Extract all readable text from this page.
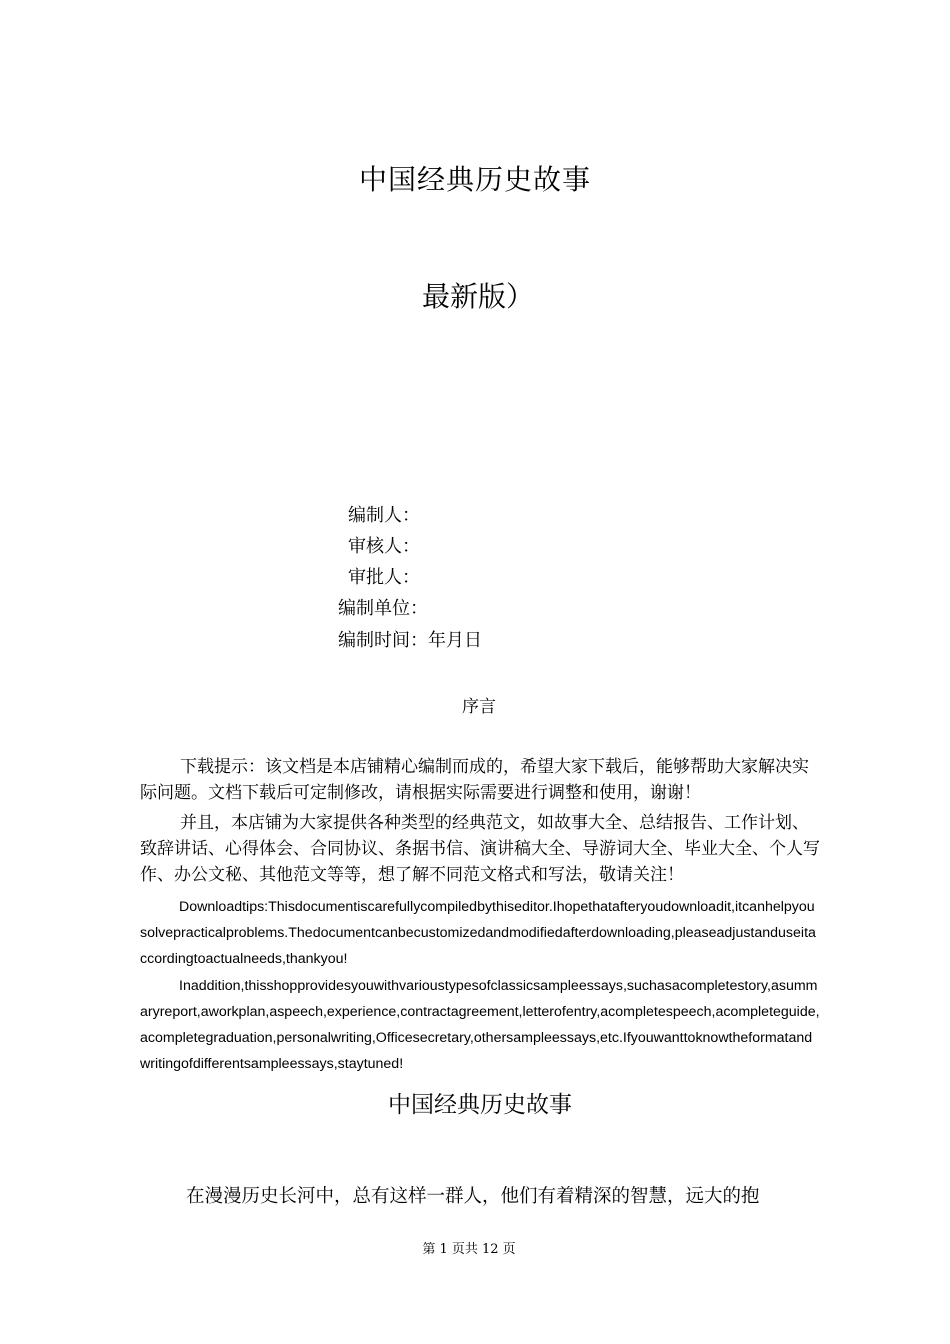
中国经典历史故事
最新版）
编制人：
审核人：
审批人：
编制单位：
编制时间：年月日
序言
下载提示：该文档是本店铺精心编制而成的，希望大家下载后，能够帮助大家解决实际问题。文档下载后可定制修改，请根据实际需要进行调整和使用，谢谢！
并且，本店铺为大家提供各种类型的经典范文，如故事大全、总结报告、工作计划、致辞讲话、心得体会、合同协议、条据书信、演讲稿大全、导游词大全、毕业大全、个人写作、办公文秘、其他范文等等，想了解不同范文格式和写法，敬请关注！
Downloadtips:Thisdocumentiscarefullycompiledbythiseditor.Ihopethatafteryoudownloadit,itcanhelpyousolvepracticalproblems.Thedocumentcanbecustomizedandmodifiedafterdownloading,pleaseadjustanduseitaccordingtoactualneeds,thankyou!
Inaddition,thisshopprovidesyouwithvarioustypesofclassicsampleessays,suchasacompletestory,asummaryreport,aworkplan,aspeech,experience,contractagreement,letterofentry,acompletespeech,acompleteguide,acompletegraduation,personalwriting,Officesecretary,othersampleessays,etc.Ifyouwanttoknowtheformatandwritingofdifferentsampleessays,staytuned!
中国经典历史故事
在漫漫历史长河中，总有这样一群人，他们有着精深的智慧，远大的抱
第 1 页共 12 页
